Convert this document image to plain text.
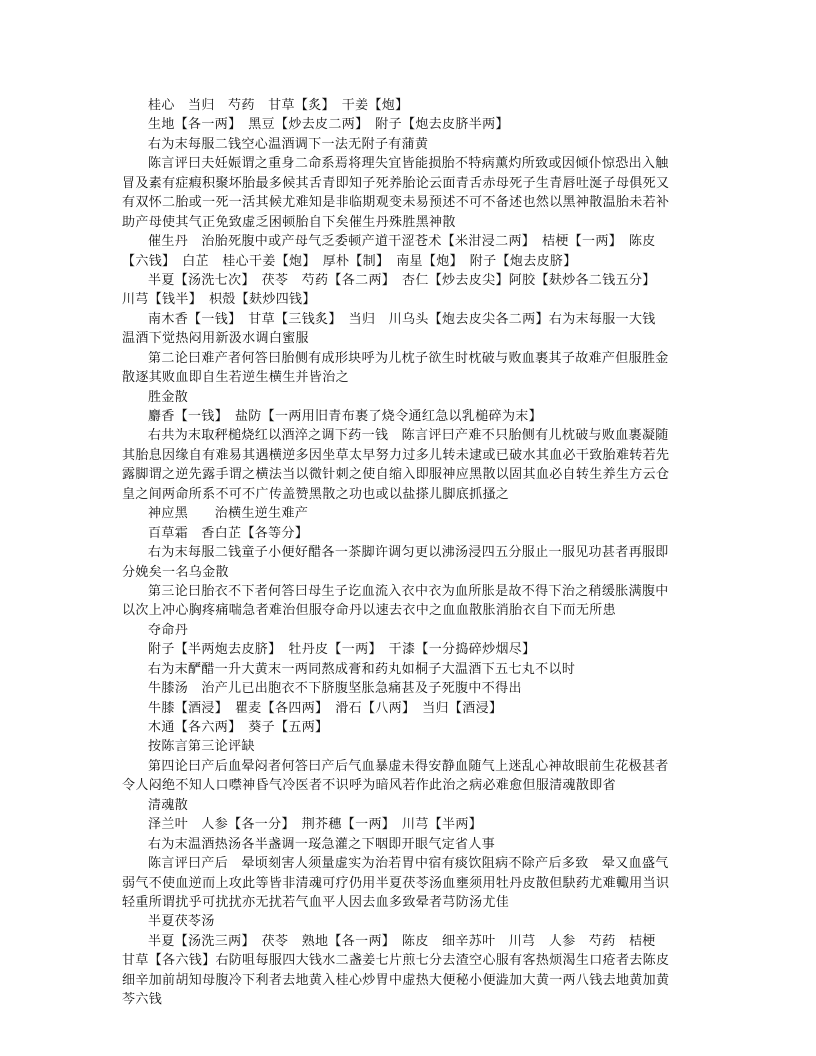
桂心　当归　芍药　甘草【炙】　干姜【炮】
生地【各一两】　黑豆【炒去皮二两】　附子【炮去皮脐半两】
右为末每服二钱空心温酒调下一法无附子有蒲黄
陈言评曰夫妊娠谓之重身二命系焉将理失宜皆能损胎不特病薰灼所致或因倾仆惊恐出入触
冒及素有症瘕积聚坏胎最多候其舌青即知子死养胎论云面青舌赤母死子生青唇吐涎子母俱死又
有双怀二胎或一死一活其候尤难知是非临期观变未易预述不可不备述也然以黑神散温胎未若补
助产母使其气正免致虚乏困顿胎自下矣催生丹殊胜黑神散
催生丹　治胎死腹中或产母气乏委顿产道干涩苍术【米泔浸二两】　桔梗【一两】　陈皮
【六钱】　白芷　桂心干姜【炮】　厚朴【制】　南星【炮】　附子【炮去皮脐】
半夏【汤洗七次】　茯苓　芍药【各二两】　杏仁【炒去皮尖】阿胶【麸炒各二钱五分】
川芎【钱半】　枳殻【麸炒四钱】
南木香【一钱】　甘草【三钱炙】　当归　川乌头【炮去皮尖各二两】右为末每服一大钱
温酒下觉热闷用新汲水调白蜜服
第二论曰难产者何答曰胎侧有成形块呼为儿枕子欲生时枕破与败血裹其子故难产但服胜金
散逐其败血即自生若逆生横生并皆治之
胜金散
麝香【一钱】　盐防【一两用旧青布裹了烧令通红急以乳槌碎为末】
右共为末取秤槌烧红以酒淬之调下药一钱　陈言评曰产难不只胎侧有儿枕破与败血裹凝随
其胎息因缘自有难易其遇横逆多因坐草太早努力过多儿转未逮或已破水其血必干致胎难转若先
露脚谓之逆先露手谓之横法当以微针刺之使自缩入即服神应黑散以固其血必自转生养生方云仓
皇之间两命所系不可不广传盖赞黑散之功也或以盐搽儿脚底抓搔之
神应黑　　治横生逆生难产
百草霜　香白芷【各等分】
右为末每服二钱童子小便好醋各一茶脚许调匀更以沸汤浸四五分服止一服见功甚者再服即
分娩矣一名乌金散
第三论曰胎衣不下者何答曰母生子讫血流入衣中衣为血所胀是故不得下治之稍缓胀满腹中
以次上冲心胸疼痛喘急者难治但服夺命丹以速去衣中之血血散胀消胎衣自下而无所患
夺命丹
附子【半两炮去皮脐】　牡丹皮【一两】　干漆【一分捣碎炒烟尽】
右为末酽醋一升大黄末一两同熬成膏和药丸如桐子大温酒下五七丸不以时
牛膝汤　治产儿已出胞衣不下脐腹坚胀急痛甚及子死腹中不得出
牛膝【酒浸】　瞿麦【各四两】　滑石【八两】　当归【酒浸】
木通【各六两】　葵子【五两】
按陈言第三论评缺
第四论曰产后血晕闷者何答曰产后气血暴虚未得安静血随气上迷乱心神故眼前生花极甚者
令人闷绝不知人口噤神昏气冷医者不识呼为暗风若作此治之病必难愈但服清魂散即省
清魂散
泽兰叶　人参【各一分】　荆芥穗【一两】　川芎【半两】
右为末温酒热汤各半盏调一珱急灌之下咽即开眼气定省人事
陈言评曰产后　晕顷刻害人须量虚实为治若胃中宿有痰饮阻病不除产后多致　晕又血盛气
弱气不使血逆而上攻此等皆非清魂可疗仍用半夏茯苓汤血壅须用牡丹皮散但駃药尤难輙用当识
轻重所谓扰乎可扰扰亦无扰若气血平人因去血多致晕者芎防汤尤佳
半夏茯苓汤
半夏【汤洗三两】　茯苓　熟地【各一两】　陈皮　细辛苏叶　川芎　人参　芍药　桔梗
甘草【各六钱】右防咀每服四大钱水二盏姜七片煎七分去渣空心服有客热烦渴生口疮者去陈皮
细辛加前胡知母腹冷下利者去地黄入桂心炒胃中虚热大便秘小便澁加大黄一两八钱去地黄加黄
芩六钱
